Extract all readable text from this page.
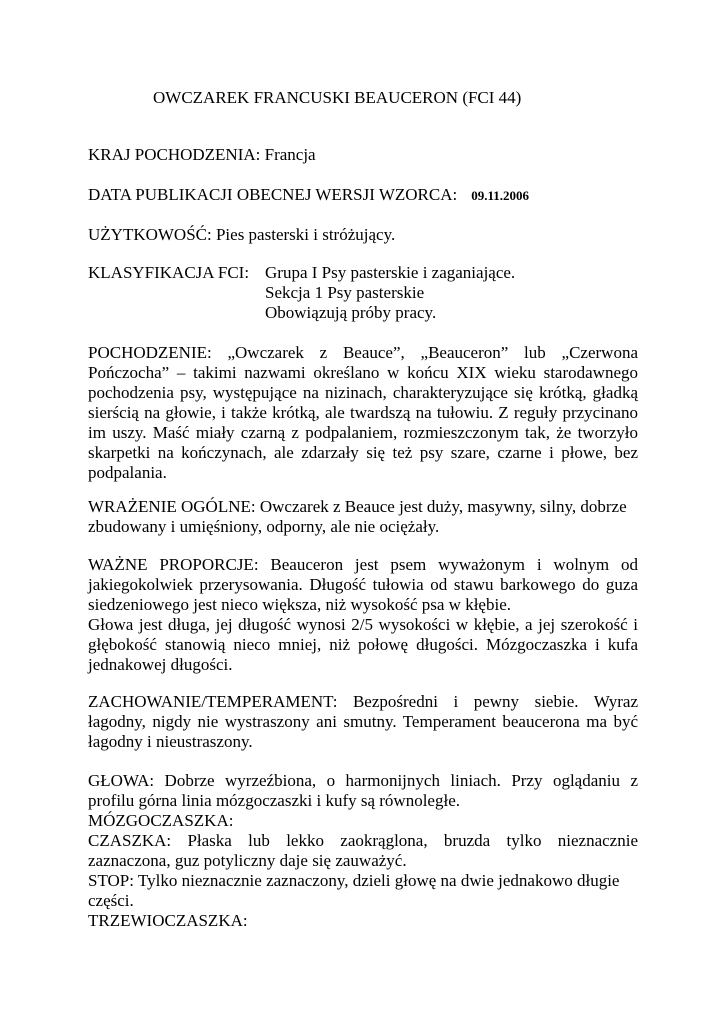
OWCZAREK FRANCUSKI BEAUCERON (FCI 44)
KRAJ POCHODZENIA: Francja
DATA PUBLIKACJI OBECNEJ WERSJI WZORCA: 09.11.2006
UŻYTKOWOŚĆ: Pies pasterski i stróżujący.
KLASYFIKACJA FCI: Grupa I Psy pasterskie i zaganiające.
Sekcja 1 Psy pasterskie
Obowiązują próby pracy.
POCHODZENIE: „Owczarek z Beauce”, „Beauceron” lub „Czerwona
Pończocha” – takimi nazwami określano w końcu XIX wieku starodawnego
pochodzenia psy, występujące na nizinach, charakteryzujące się krótką, gładką
sierścią na głowie, i także krótką, ale twardszą na tułowiu. Z reguły przycinano
im uszy. Maść miały czarną z podpalaniem, rozmieszczonym tak, że tworzyło
skarpetki na kończynach, ale zdarzały się też psy szare, czarne i płowe, bez
podpalania.
WRAŻENIE OGÓLNE: Owczarek z Beauce jest duży, masywny, silny, dobrze
zbudowany i umięśniony, odporny, ale nie ociężały.
WAŻNE PROPORCJE: Beauceron jest psem wyważonym i wolnym od
jakiegokolwiek przerysowania. Długość tułowia od stawu barkowego do guza
siedzeniowego jest nieco większa, niż wysokość psa w kłębie.
Głowa jest długa, jej długość wynosi 2/5 wysokości w kłębie, a jej szerokość i
głębokość stanowią nieco mniej, niż połowę długości. Mózgoczaszka i kufa
jednakowej długości.
ZACHOWANIE/TEMPERAMENT: Bezpośredni i pewny siebie. Wyraz
łagodny, nigdy nie wystraszony ani smutny. Temperament beaucerona ma być
łagodny i nieustraszony.
GŁOWA: Dobrze wyrzeźbiona, o harmonijnych liniach. Przy oglądaniu z
profilu górna linia mózgoczaszki i kufy są równoległe.
MÓZGOCZASZKA:
CZASZKA: Płaska lub lekko zaokrąglona, bruzda tylko nieznacznie
zaznaczona, guz potyliczny daje się zauważyć.
STOP: Tylko nieznacznie zaznaczony, dzieli głowę na dwie jednakowo długie
części.
TRZEWIOCZASZKA:
